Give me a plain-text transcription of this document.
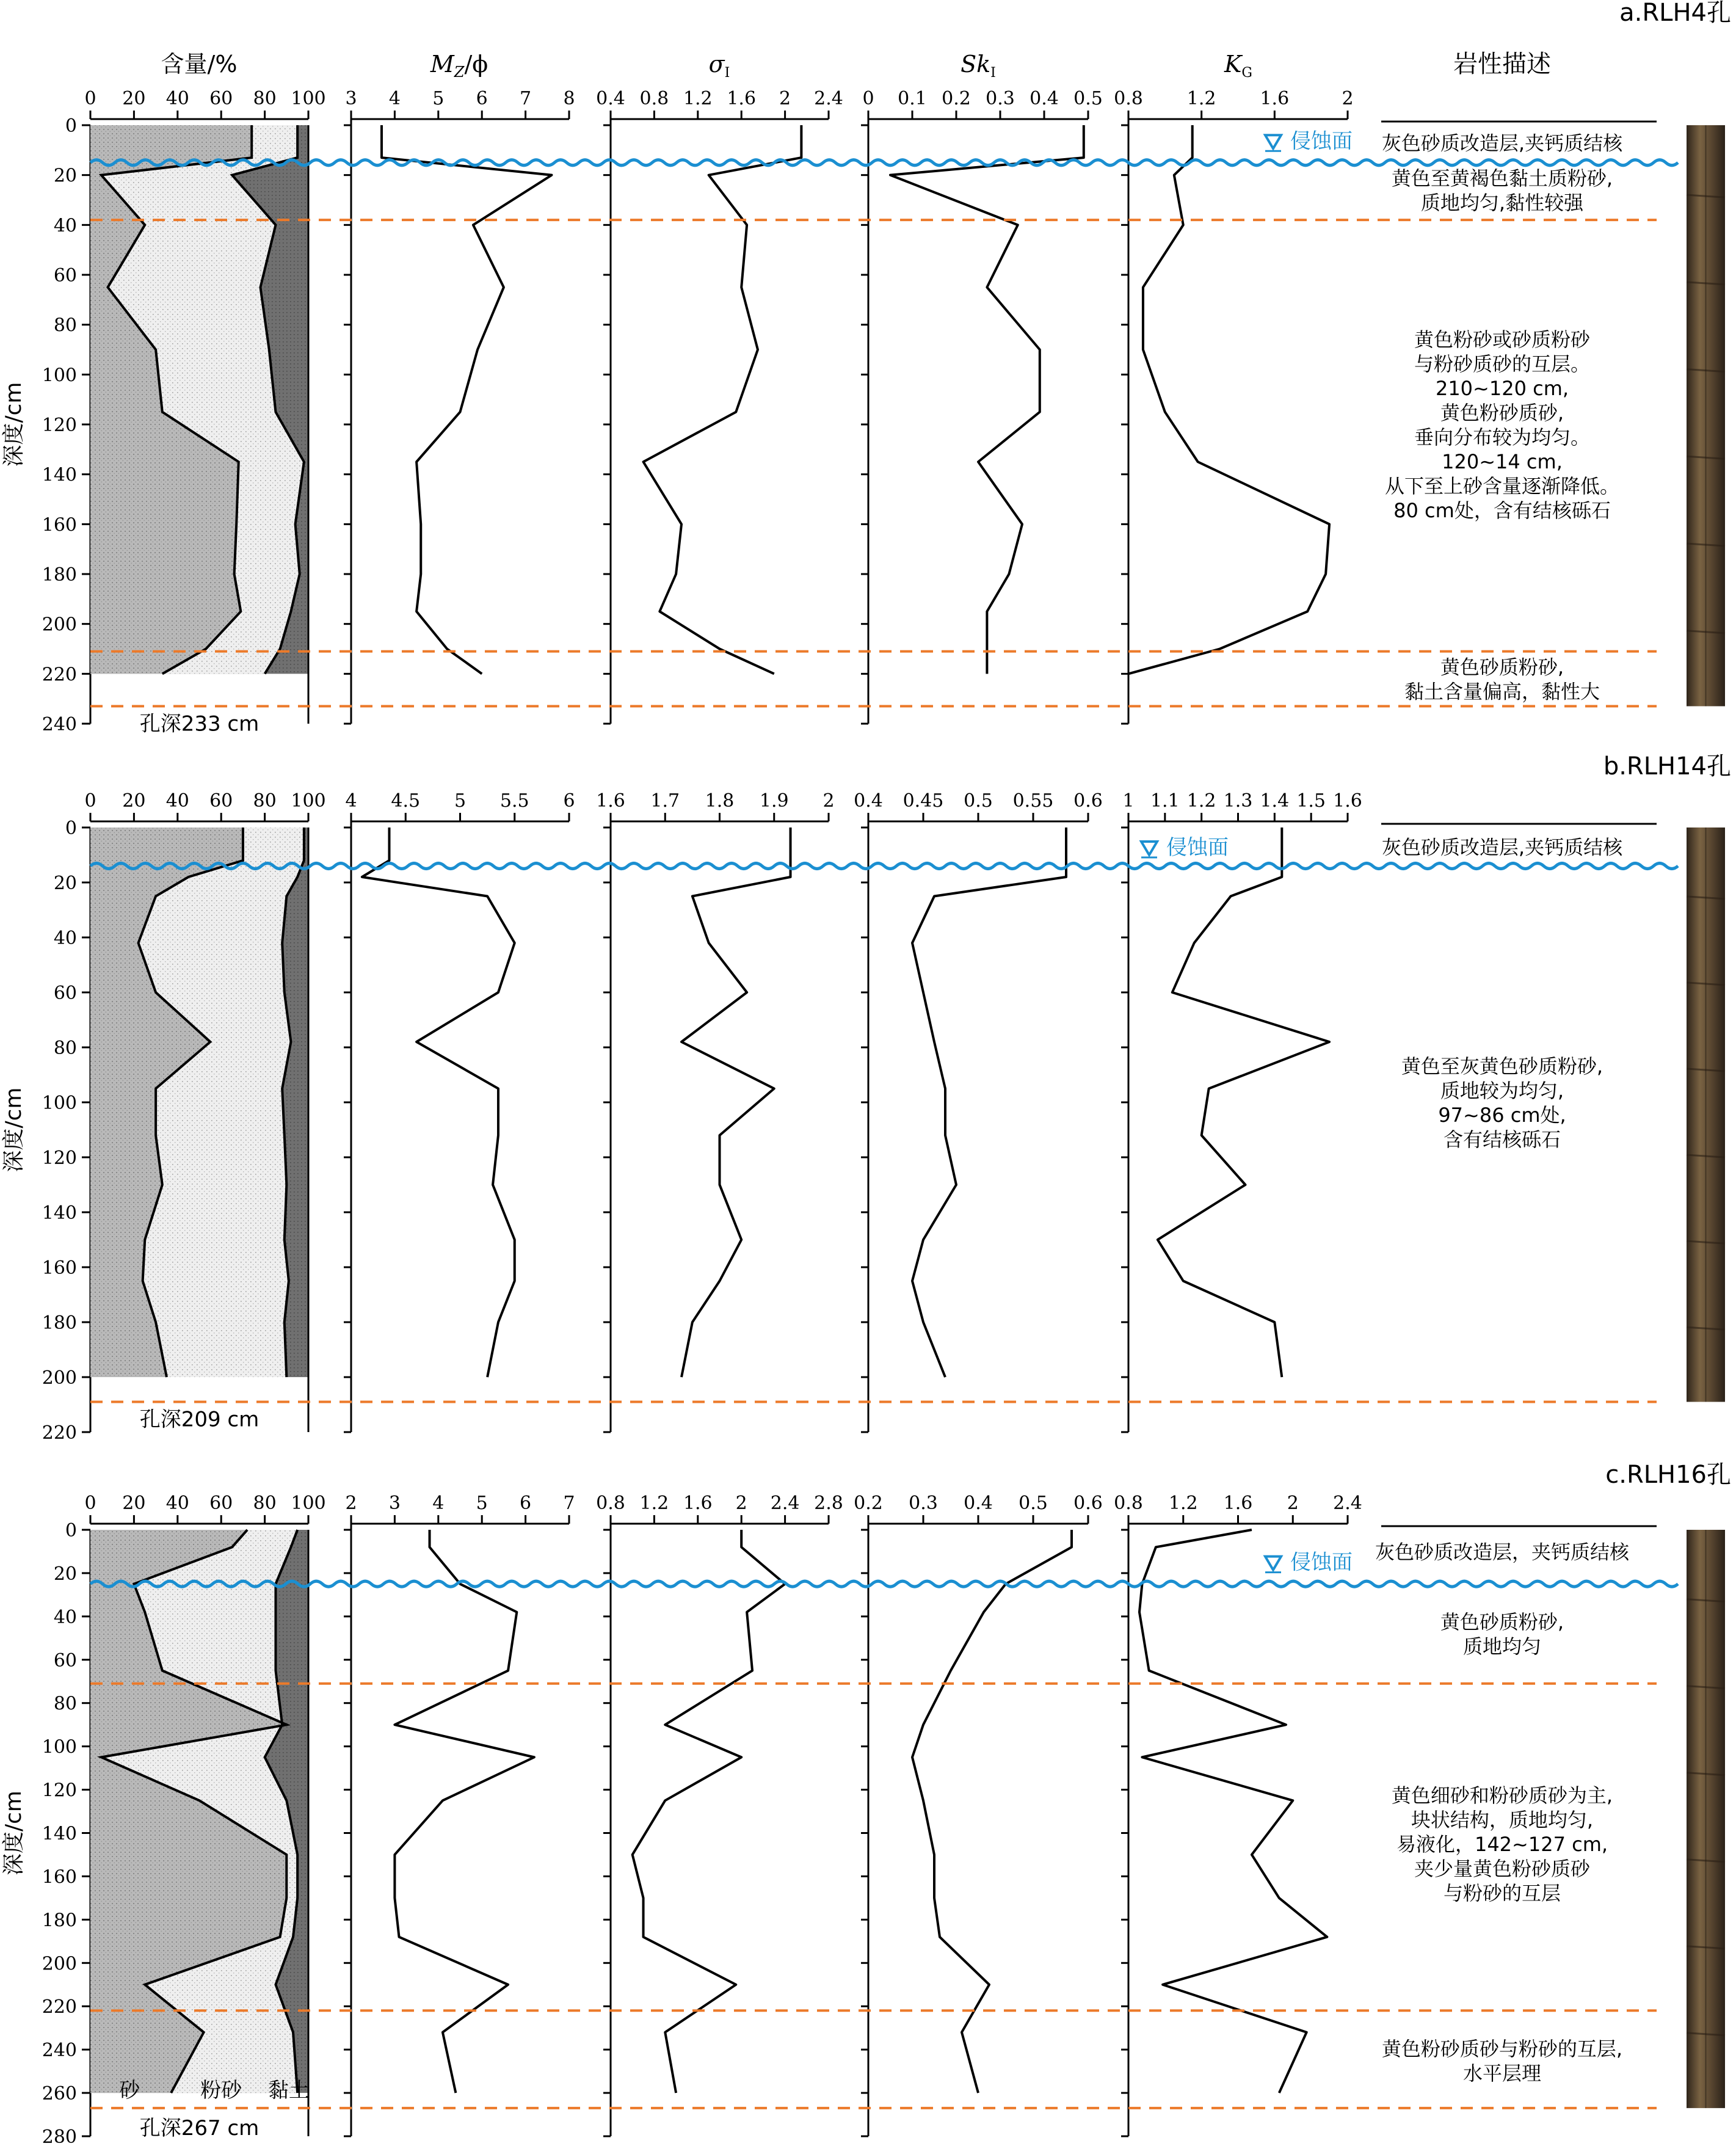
含量/%	$M_Z/\phi$	$\sigma_I$	$Sk_I$	$K_G$	岩性描述
a.RLH4孔
0
20
40
60
80
100
120
140
160
180
200
220
240
深度/cm
0 20 40 60 80 100 3 4 5 6 7 8 0.4 0.8 1.2 1.6 2 2.4 0 0.1 0.2 0.3 0.4 0.5 0.8 1.2 1.6	2
孔深233 cm
侵蚀面 灰色砂质改造层,夹钙质结核
黄色至黄褐色黏土质粉砂,
质地均匀,黏性较强
黄色粉砂或砂质粉砂
与粉砂质砂的互层。
210~120 cm,
黄色粉砂质砂,
垂向分布较为均匀。
120~14 cm,
从下至上砂含量逐渐降低。
80 cm处，含有结核砾石
黄色砂质粉砂,
黏土含量偏高，黏性大
b.RLH14孔
0
20
40
60
80
100
120
140
160
180
200
220
深度/cm
0 20 40 60 80 100 4 4.5 5 5.5 6 1.6 1.7 1.8 1.9 2 0.4 0.45 0.5 0.55 0.6 1 1.1 1.2 1.3 1.4 1.5 1.6
孔深209 cm
侵蚀面	灰色砂质改造层,夹钙质结核
黄色至灰黄色砂质粉砂,
质地较为均匀,
97~86 cm处,
含有结核砾石
c.RLH16孔
0
20
40
60
80
100
120
140
160
180
200
220
240
260
280
深度/cm
砂	粉砂 黏土
0 20 40 60 80 100 2 3 4 5 6 7 0.8 1.2 1.6 2 2.4 2.8 0.2 0.3 0.4 0.5 0.6 0.8 1.2 1.6 2 2.4
孔深267 cm
侵蚀面 灰色砂质改造层，夹钙质结核
黄色砂质粉砂,
质地均匀
黄色细砂和粉砂质砂为主,
块状结构，质地均匀,
易液化，142~127 cm,
夹少量黄色粉砂质砂
与粉砂的互层
黄色粉砂质砂与粉砂的互层,
水平层理
